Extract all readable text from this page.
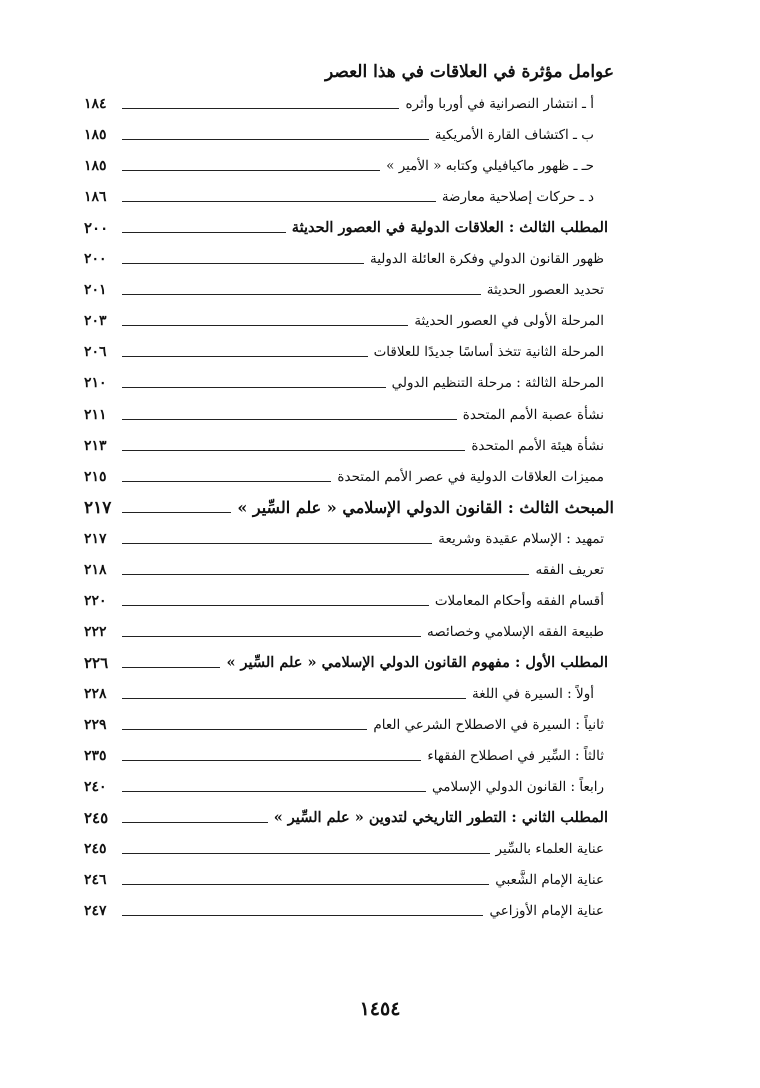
عوامل مؤثرة في العلاقات في هذا العصر
أ ـ انتشار النصرانية في أوربا وأثره
١٨٤
ب ـ اكتشاف القارة الأمريكية
١٨٥
حـ ـ ظهور ماكيافيلي وكتابه « الأمير »
١٨٥
د ـ حركات إصلاحية معارضة
١٨٦
المطلب الثالث : العلاقات الدولية في العصور الحديثة
٢٠٠
ظهور القانون الدولي وفكرة العائلة الدولية
٢٠٠
تحديد العصور الحديثة
٢٠١
المرحلة الأولى في العصور الحديثة
٢٠٣
المرحلة الثانية تتخذ أساسًا جديدًا للعلاقات
٢٠٦
المرحلة الثالثة : مرحلة التنظيم الدولي
٢١٠
نشأة عصبة الأمم المتحدة
٢١١
نشأة هيئة الأمم المتحدة
٢١٣
مميزات العلاقات الدولية في عصر الأمم المتحدة
٢١٥
المبحث الثالث : القانون الدولي الإسلامي « علم السِّير »
٢١٧
تمهيد : الإسلام عقيدة وشريعة
٢١٧
تعريف الفقه
٢١٨
أقسام الفقه وأحكام المعاملات
٢٢٠
طبيعة الفقه الإسلامي وخصائصه
٢٢٢
المطلب الأول : مفهوم القانون الدولي الإسلامي « علم السِّير »
٢٢٦
أولاً : السيرة في اللغة
٢٢٨
ثانياً : السيرة في الاصطلاح الشرعي العام
٢٢٩
ثالثاً : السِّير في اصطلاح الفقهاء
٢٣٥
رابعاً : القانون الدولي الإسلامي
٢٤٠
المطلب الثاني : التطور التاريخي لتدوين « علم السِّير »
٢٤٥
عناية العلماء بالسِّير
٢٤٥
عناية الإمام الشَّعبي
٢٤٦
عناية الإمام الأوزاعي
٢٤٧
١٤٥٤
